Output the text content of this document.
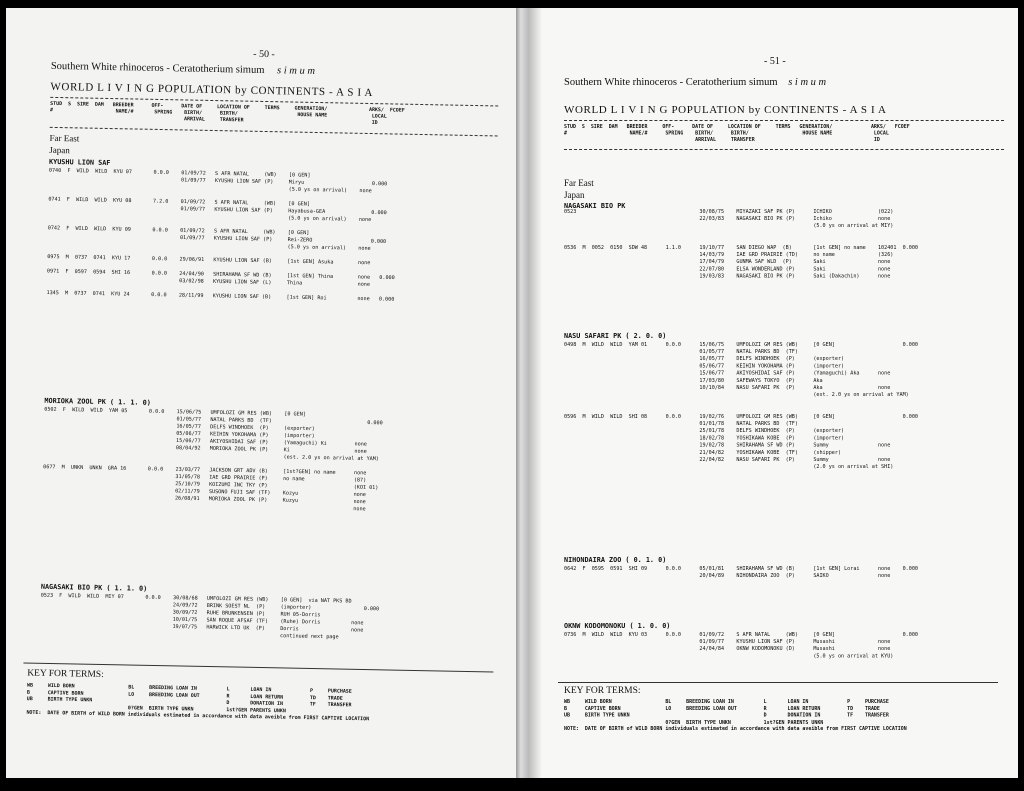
- 50 -
Southern White rhinoceros - Ceratotherium simum s i m u m
WORLD L I V I N G POPULATION by CONTINENTS - A S I A
STUD  S  SIRE  DAM   BREEDER      OFF-      DATE OF     LOCATION OF     TERMS     GENERATION/              ARKS/  FCOEF
#                     NAME/#       SPRING    BIRTH/      BIRTH/                    HOUSE NAME               LOCAL
ARRIVAL     TRANSFER                                           ID
Far East
Japan
KYUSHU LION SAF
0740  F  WILD  WILD  KYU 07       0.0.0    01/09/72   S AFR NATAL     (WB)    [0 GEN]
01/09/77   KYUSHU LION SAF (P)     Miryu                      0.000
(5.0 ys on arrival)    none

0741  F  WILD  WILD  KYU 08       7.2.0    01/09/72   S AFR NATAL     (WB)    [0 GEN]
01/09/77   KYUSHU LION SAF (P)     Hayabusa-GEA               0.000
(5.0 ys on arrival)    none

0742  F  WILD  WILD  KYU 09       0.0.0    01/09/72   S AFR NATAL     (WB)    [0 GEN]
01/09/77   KYUSHU LION SAF (P)     Rei-ZERO                   0.000
(5.0 ys on arrival)    none

0975  M  0737  0741  KYU 17       0.0.0    29/06/91   KYUSHU LION SAF (B)     [1st GEN] Asuka        none

0971  F  0597  0594  SHI 16       0.0.0    24/04/90   SHIRAHAMA SF WD (B)     [1st GEN] Thina        none   0.000
03/02/98   KYUSHU LION SAF (L)     Thina                  none

1345  M  0737  0741  KYU 24       0.0.0    28/11/99   KYUSHU LION SAF (B)     [1st GEN] Roi          none   0.000
MORIOKA ZOOL PK ( 1. 1. 0)
0502  F  WILD  WILD  YAM 05       0.0.0    15/06/75   UMFOLOZI GM RES (WB)    [0 GEN]
01/05/77   NATAL PARKS BD  (TF)                               0.000
16/05/77   DELFS WINDHOEK  (P)     (exporter)
05/06/77   KEIHIN YOKOHAMA (P)     (importer)
15/06/77   AKIYOSHIDAI SAF (P)     (Yamaguchi) Ki         none
08/04/92   MORIOKA ZOOL PK (P)     Ki                     none
(est. 2.0 ys on arrival at YAM)

0677  M  UNKN  UNKN  GRA 16       0.0.0    23/03/77   JACKSON GRT ADV (B)     [1st?GEN] no name      none
31/05/78   IAE GRD PRAIRIE (P)     no name                (87)
25/10/79   KOIZUMI INC TKY (P)                            (KOI 01)
02/11/79   SUSONO FUJI SAF (TF)    Kozyu                  none
26/08/91   MORIOKA ZOOL PK (P)     Kuzyu                  none
none
NAGASAKI BIO PK ( 1. 1. 0)
0523  F  WILD  WILD  MIY 07       0.0.0    30/08/68   UMFOLOZI GM RES (WB)    [0 GEN]  via NAT PKS BD
24/09/72   BRINK SOEST NL  (P)     (importer)                 0.000
30/09/72   RUHE BRUNKENSEN (P)     RUH 05-Dorris
10/01/75   SAN ROQUE AFSAF (TF)    (Ruhe) Dorris          none
19/07/75   HARWICK LTD UK  (P)     Dorris                 none
continued next page
KEY FOR TERMS:
WB     WILD BORN                  BL     BREEDING LOAN IN          L       LOAN IN             P     PURCHASE
B      CAPTIVE BORN               LO     BREEDING LOAN OUT         R       LOAN RETURN         TD    TRADE
UB     BIRTH TYPE UNKN                                             D       DONATION IN         TF    TRANSFER
0?GEN  BIRTH TYPE UNKN           1st?GEN PARENTS UNKN
NOTE:  DATE OF BIRTH of WILD BORN individuals estimated in accordance with data aveible from FIRST CAPTIVE LOCATION
- 51 -
Southern White rhinoceros - Ceratotherium simum s i m u m
WORLD L I V I N G POPULATION by CONTINENTS - A S I A
STUD  S  SIRE  DAM   BREEDER     OFF-      DATE OF     LOCATION OF     TERMS   GENERATION/             ARKS/   FCOEF
#                     NAME/#      SPRING    BIRTH/      BIRTH/                  HOUSE NAME              LOCAL
ARRIVAL     TRANSFER                                        ID
Far East
Japan
NAGASAKI BIO PK
0523                                        30/08/75    MIYAZAKI SAF PK (P)      ICHIKO               (022)
22/03/83    NAGASAKI BIO PK (P)      Ichiko               none
(5.0 ys on arrival at MIY)

0536  M  0052  0150  SDW 48      1.1.0      19/10/77    SAN DIEGO WAP  (B)       [1st GEN] no name    102401  0.000
14/03/79    IAE GRD PRAIRIE (TD)     no name              (326)
17/04/79    GUNMA SAF WLD  (P)       Saki                 none
22/07/80    ELSA WONDERLAND (P)      Saki                 none
19/03/83    NAGASAKI BIO PK (P)      Saki (Dakachin)      none
NASU SAFARI PK ( 2. 0. 0)
0498  M  WILD  WILD  YAM 01      0.0.0      15/06/75    UMFOLOZI GM RES (WB)     [0 GEN]                      0.000
01/05/77    NATAL PARKS BD  (TF)
16/05/77    DELFS WINDHOEK  (P)      (exporter)
05/06/77    KEIHIN YOKOHAMA (P)      (importer)
15/06/77    AKIYOSHIDAI SAF (P)      (Yamaguchi) Aka      none
17/03/80    SAFEWAYS TOKYO  (P)      Aka
10/10/84    NASU SAFARI PK  (P)      Aka                  none
(est. 2.0 ys on arrival at YAM)

0596  M  WILD  WILD  SHI 08      0.0.0      19/02/76    UMFOLOZI GM RES (WB)     [0 GEN]                      0.000
01/01/78    NATAL PARKS BD  (TF)
25/01/78    DELFS WINDHOEK  (P)      (exporter)
18/02/78    YOSHIKAWA KOBE  (P)      (importer)
19/02/78    SHIRAHAMA SF WD (P)      Summy                none
21/04/82    YOSHIKAWA KOBE  (TF)     (shipper)
22/04/82    NASU SAFARI PK  (P)      Summy                none
(2.0 ys on arrival at SHI)
NIHONDAIRA ZOO ( 0. 1. 0)
0642  F  0595  0591  SHI 09      0.0.0      05/01/81    SHIRAHAMA SF WD (B)      [1st GEN] Lorai      none    0.000
20/04/89    NIHONDAIRA ZOO  (P)      SAIKO                none
OKNW KODOMONOKU ( 1. 0. 0)
0736  M  WILD  WILD  KYU 03      0.0.0      01/09/72    S AFR NATAL     (WB)     [0 GEN]                      0.000
01/09/77    KYUSHU LION SAF (P)      Musashi              none
24/04/84    OKNW KODOMONOKU (D)      Musashi              none
(5.0 ys on arrival at KYU)
KEY FOR TERMS:
WB     WILD BORN                  BL     BREEDING LOAN IN          L       LOAN IN             P     PURCHASE
B      CAPTIVE BORN               LO     BREEDING LOAN OUT         R       LOAN RETURN         TD    TRADE
UB     BIRTH TYPE UNKN                                             D       DONATION IN         TF    TRANSFER
0?GEN  BIRTH TYPE UNKN           1st?GEN PARENTS UNKN
NOTE:  DATE OF BIRTH of WILD BORN individuals estimated in accordance with data aveible from FIRST CAPTIVE LOCATION
